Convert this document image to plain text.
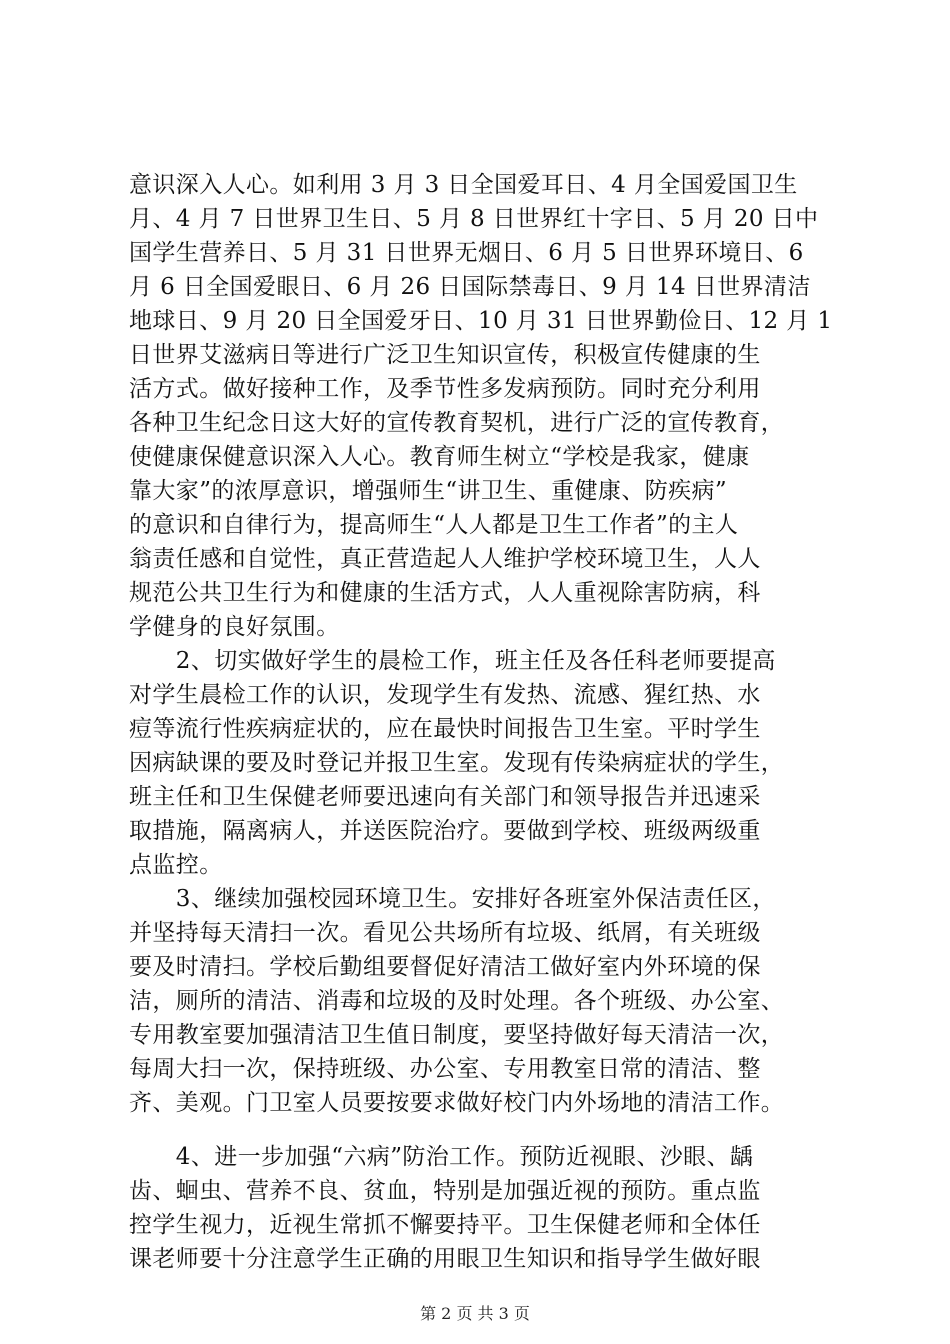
意识深入人心。如利用 3 月 3 日全国爱耳日、4 月全国爱国卫生
月、4 月 7 日世界卫生日、5 月 8 日世界红十字日、5 月 20 日中
国学生营养日、5 月 31 日世界无烟日、6 月 5 日世界环境日、6
月 6 日全国爱眼日、6 月 26 日国际禁毒日、9 月 14 日世界清洁
地球日、9 月 20 日全国爱牙日、10 月 31 日世界勤俭日、12 月 1
日世界艾滋病日等进行广泛卫生知识宣传，积极宣传健康的生
活方式。做好接种工作，及季节性多发病预防。同时充分利用
各种卫生纪念日这大好的宣传教育契机，进行广泛的宣传教育，
使健康保健意识深入人心。教育师生树立“学校是我家，健康
靠大家”的浓厚意识，增强师生“讲卫生、重健康、防疾病”
的意识和自律行为，提高师生“人人都是卫生工作者”的主人
翁责任感和自觉性，真正营造起人人维护学校环境卫生，人人
规范公共卫生行为和健康的生活方式，人人重视除害防病，科
学健身的良好氛围。
　　2、切实做好学生的晨检工作，班主任及各任科老师要提高
对学生晨检工作的认识，发现学生有发热、流感、猩红热、水
痘等流行性疾病症状的，应在最快时间报告卫生室。平时学生
因病缺课的要及时登记并报卫生室。发现有传染病症状的学生，
班主任和卫生保健老师要迅速向有关部门和领导报告并迅速采
取措施，隔离病人，并送医院治疗。要做到学校、班级两级重
点监控。
　　3、继续加强校园环境卫生。安排好各班室外保洁责任区，
并坚持每天清扫一次。看见公共场所有垃圾、纸屑，有关班级
要及时清扫。学校后勤组要督促好清洁工做好室内外环境的保
洁，厕所的清洁、消毒和垃圾的及时处理。各个班级、办公室、
专用教室要加强清洁卫生值日制度，要坚持做好每天清洁一次，
每周大扫一次，保持班级、办公室、专用教室日常的清洁、整
齐、美观。门卫室人员要按要求做好校门内外场地的清洁工作。
　　4、进一步加强“六病”防治工作。预防近视眼、沙眼、龋
齿、蛔虫、营养不良、贫血，特别是加强近视的预防。重点监
控学生视力，近视生常抓不懈要持平。卫生保健老师和全体任
课老师要十分注意学生正确的用眼卫生知识和指导学生做好眼
第 2 页 共 3 页
